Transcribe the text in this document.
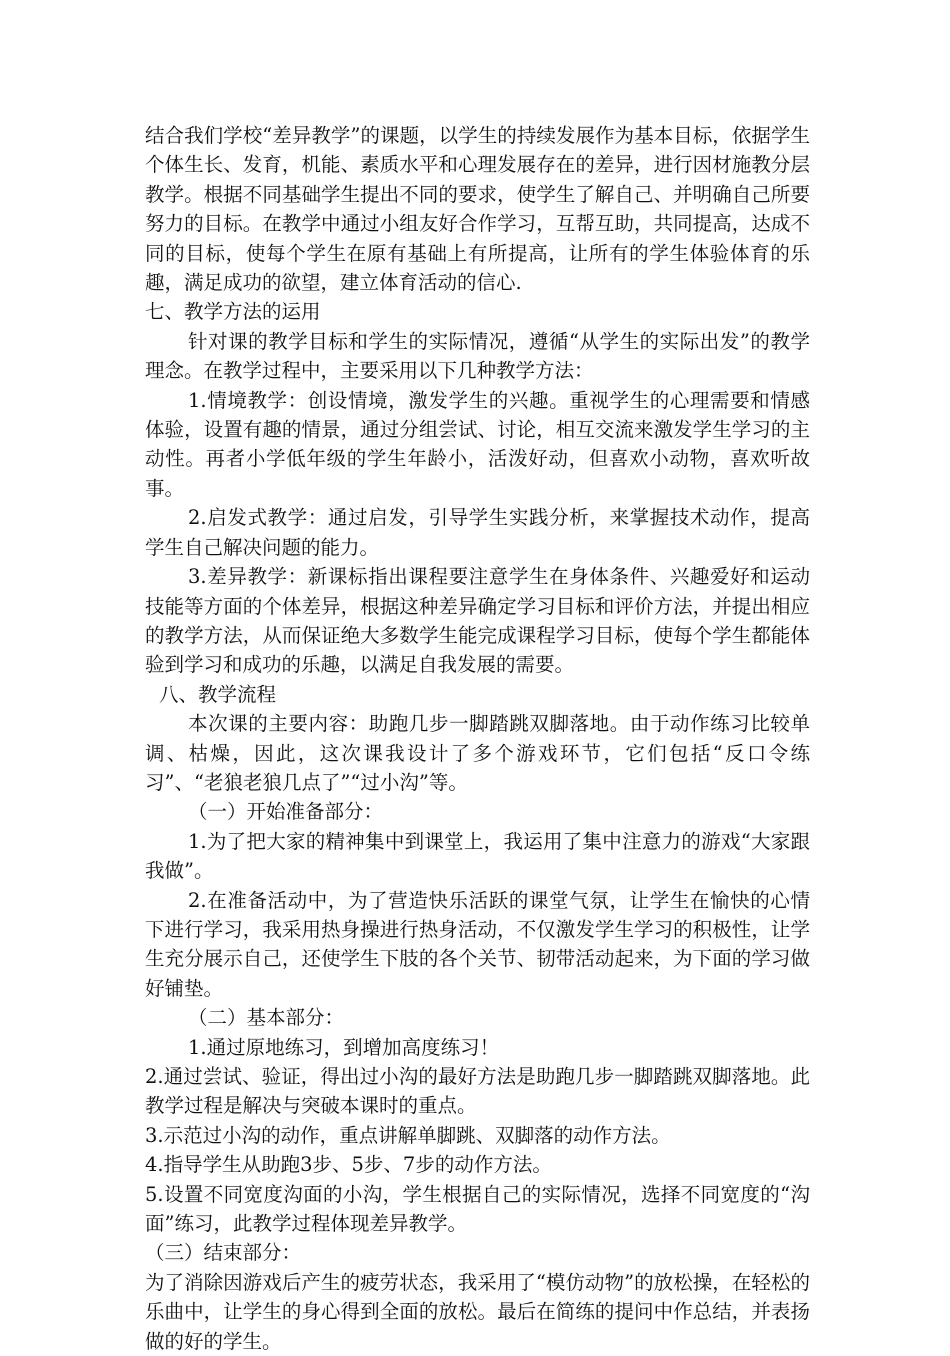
结合我们学校“差异教学”的课题，以学生的持续发展作为基本目标，依据学生个体生长、发育，机能、素质水平和心理发展存在的差异，进行因材施教分层教学。根据不同基础学生提出不同的要求，使学生了解自己、并明确自己所要努力的目标。在教学中通过小组友好合作学习，互帮互助，共同提高，达成不同的目标，使每个学生在原有基础上有所提高，让所有的学生体验体育的乐趣，满足成功的欲望，建立体育活动的信心.

七、教学方法的运用

针对课的教学目标和学生的实际情况，遵循“从学生的实际出发”的教学理念。在教学过程中，主要采用以下几种教学方法：

1.情境教学：创设情境，激发学生的兴趣。重视学生的心理需要和情感体验，设置有趣的情景，通过分组尝试、讨论，相互交流来激发学生学习的主动性。再者小学低年级的学生年龄小，活泼好动，但喜欢小动物，喜欢听故事。

2.启发式教学：通过启发，引导学生实践分析，来掌握技术动作，提高学生自己解决问题的能力。

3.差异教学：新课标指出课程要注意学生在身体条件、兴趣爱好和运动技能等方面的个体差异，根据这种差异确定学习目标和评价方法，并提出相应的教学方法，从而保证绝大多数学生能完成课程学习目标，使每个学生都能体验到学习和成功的乐趣，以满足自我发展的需要。

八、教学流程

本次课的主要内容：助跑几步一脚踏跳双脚落地。由于动作练习比较单调、枯燥，因此，这次课我设计了多个游戏环节，它们包括“反口令练习”、“老狼老狼几点了”“过小沟”等。

（一）开始准备部分：

1.为了把大家的精神集中到课堂上，我运用了集中注意力的游戏“大家跟我做”。

2.在准备活动中，为了营造快乐活跃的课堂气氛，让学生在愉快的心情下进行学习，我采用热身操进行热身活动，不仅激发学生学习的积极性，让学生充分展示自己，还使学生下肢的各个关节、韧带活动起来，为下面的学习做好铺垫。

（二）基本部分：

1.通过原地练习，到增加高度练习！

2.通过尝试、验证，得出过小沟的最好方法是助跑几步一脚踏跳双脚落地。此教学过程是解决与突破本课时的重点。

3.示范过小沟的动作，重点讲解单脚跳、双脚落的动作方法。

4.指导学生从助跑3步、5步、7步的动作方法。

5.设置不同宽度沟面的小沟，学生根据自己的实际情况，选择不同宽度的“沟面”练习，此教学过程体现差异教学。

（三）结束部分：

为了消除因游戏后产生的疲劳状态，我采用了“模仿动物”的放松操，在轻松的乐曲中，让学生的身心得到全面的放松。最后在简练的提问中作总结，并表扬做的好的学生。
